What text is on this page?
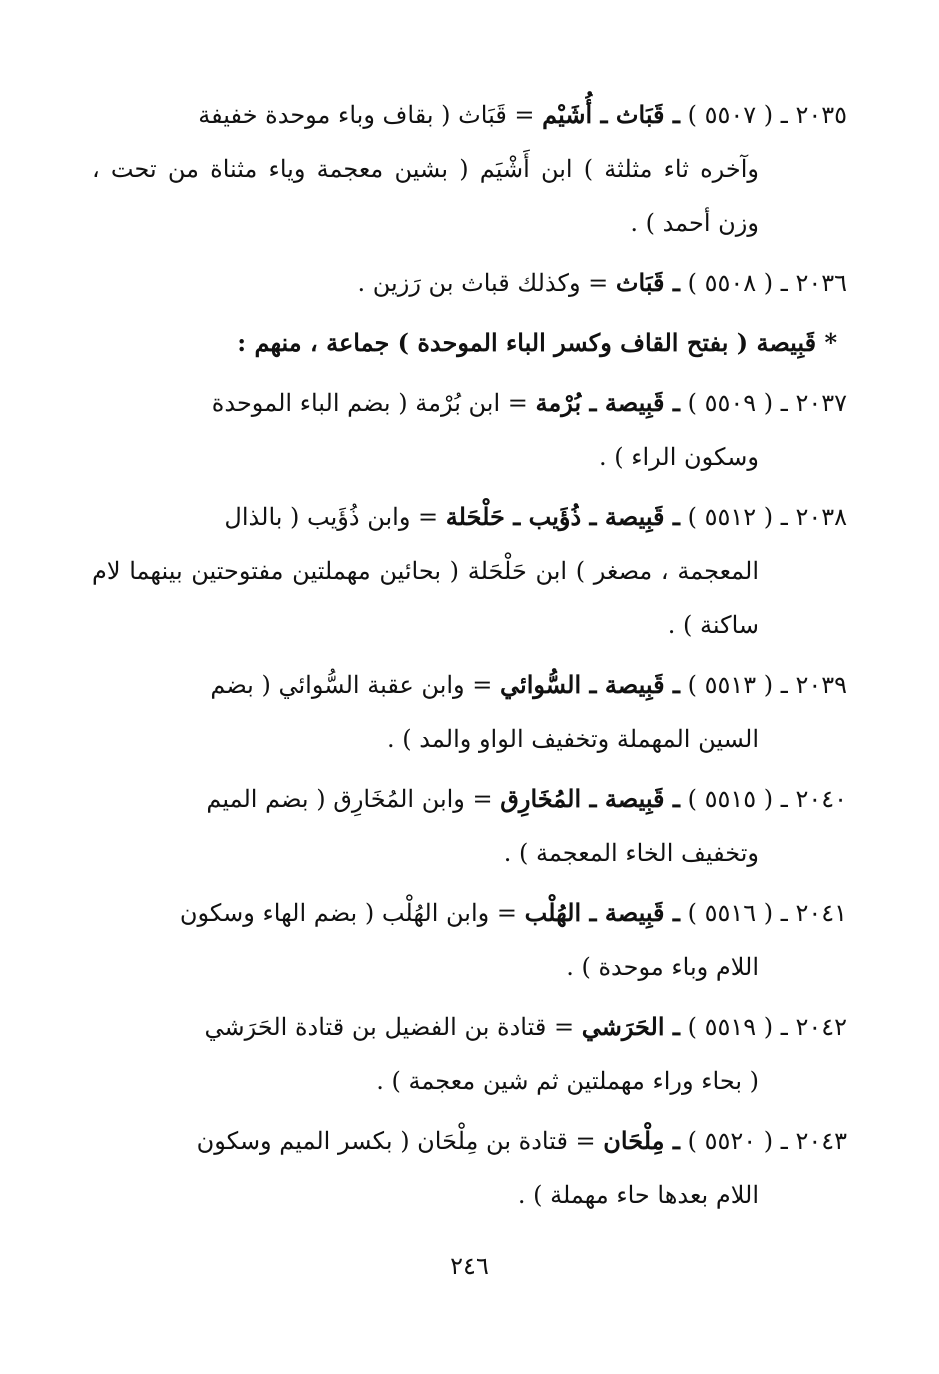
٢٠٣٥ ـ ( ٥٥٠٧ ) ـ قَبَاث ـ أُشَيْم = قَبَاث ( بقاف وباء موحدة خفيفة
وآخره ثاء مثلثة ) ابن أَشْيَم ( بشين معجمة وياء مثناة من تحت ، وزن أحمد ) .

٢٠٣٦ ـ ( ٥٥٠٨ ) ـ قَبَاث = وكذلك قباث بن رَزين .

* قَبِيصة ( بفتح القاف وكسر الباء الموحدة ) جماعة ، منهم :

٢٠٣٧ ـ ( ٥٥٠٩ ) ـ قَبِيصة ـ بُرْمة = ابن بُرْمة ( بضم الباء الموحدة
وسكون الراء ) .

٢٠٣٨ ـ ( ٥٥١٢ ) ـ قَبِيصة ـ ذُؤَيب ـ حَلْحَلة = وابن ذُؤَيب ( بالذال
المعجمة ، مصغر ) ابن حَلْحَلة ( بحائين مهملتين مفتوحتين بينهما لام ساكنة ) .

٢٠٣٩ ـ ( ٥٥١٣ ) ـ قَبِيصة ـ السُّوائي = وابن عقبة السُّوائي ( بضم
السين المهملة وتخفيف الواو والمد ) .

٢٠٤٠ ـ ( ٥٥١٥ ) ـ قَبِيصة ـ المُخَارِق = وابن المُخَارِق ( بضم الميم
وتخفيف الخاء المعجمة ) .

٢٠٤١ ـ ( ٥٥١٦ ) ـ قَبِيصة ـ الهُلْب = وابن الهُلْب ( بضم الهاء وسكون
اللام وباء موحدة ) .

٢٠٤٢ ـ ( ٥٥١٩ ) ـ الحَرَشي = قتادة بن الفضيل بن قتادة الحَرَشي
( بحاء وراء مهملتين ثم شين معجمة ) .

٢٠٤٣ ـ ( ٥٥٢٠ ) ـ مِلْحَان = قتادة بن مِلْحَان ( بكسر الميم وسكون
اللام بعدها حاء مهملة ) .

٢٤٦
